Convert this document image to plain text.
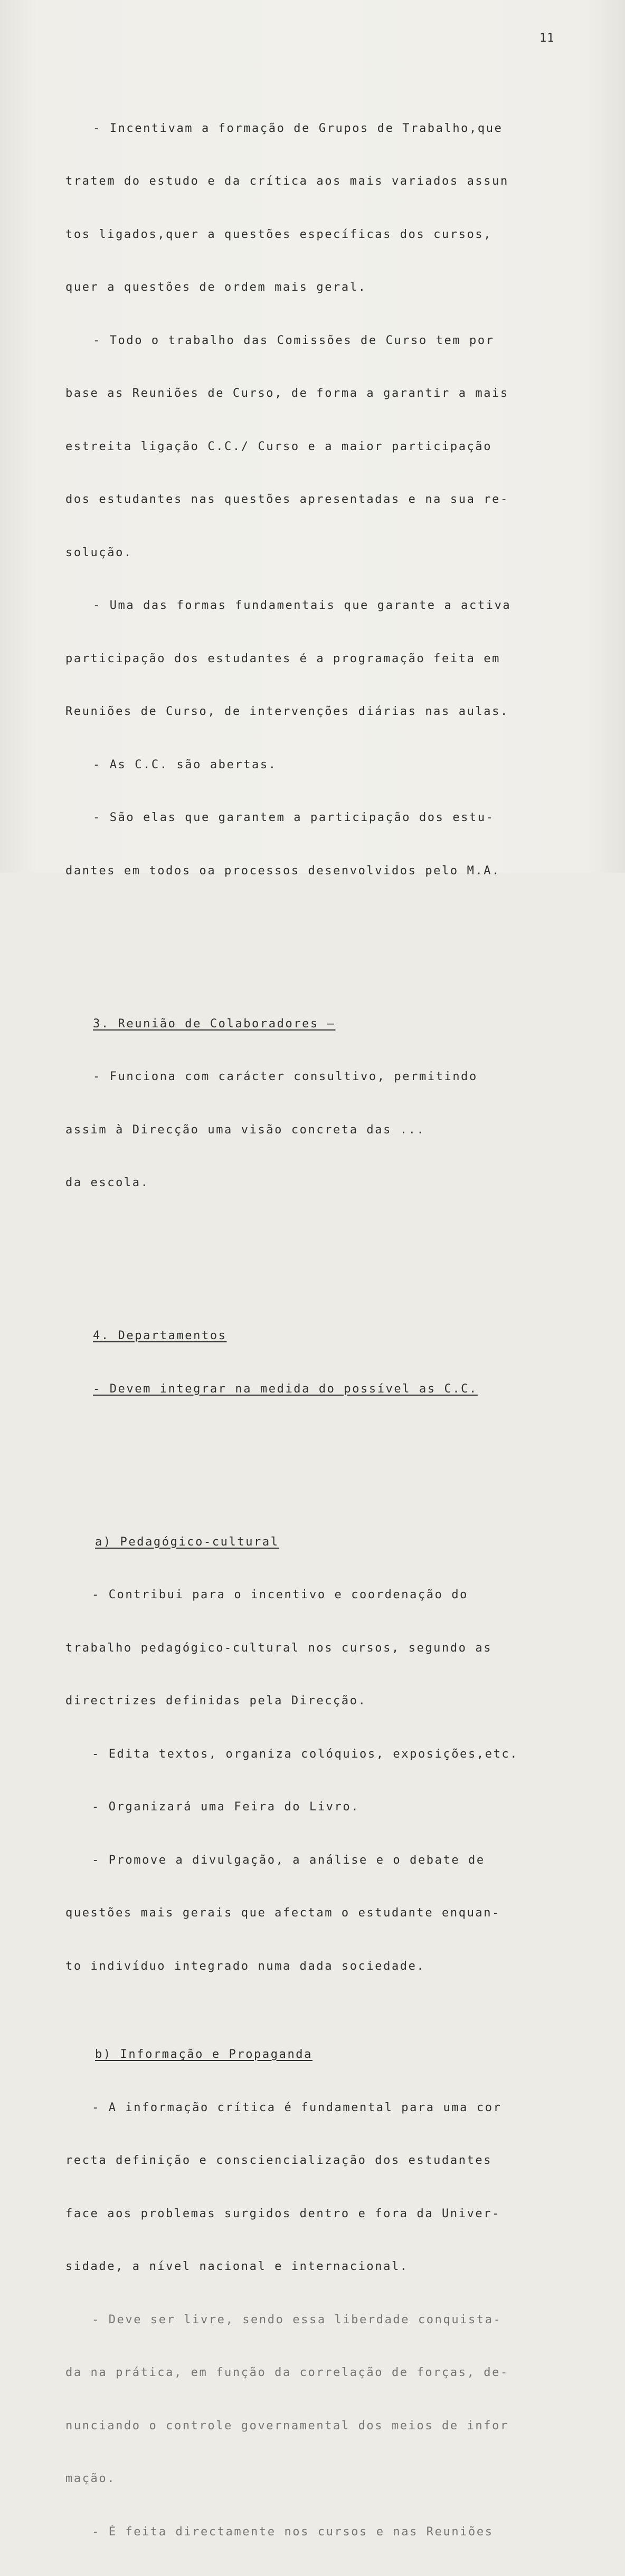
11

- Incentivam a formação de Grupos de Trabalho,que

tratem do estudo e da crítica aos mais variados assun

tos ligados,quer a questões específicas dos cursos,

quer a questões de ordem mais geral.

- Todo o trabalho das Comissões de Curso tem por

base as Reuniões de Curso, de forma a garantir a mais

estreita ligação C.C./ Curso e a maior participação

dos estudantes nas questões apresentadas e na sua re-

solução.

- Uma das formas fundamentais que garante a activa

participação dos estudantes é a programação feita em

Reuniões de Curso, de intervenções diárias nas aulas.

- As C.C. são abertas.

- São elas que garantem a participação dos estu-

dantes em todos oa processos desenvolvidos pelo M.A.

3. Reunião de Colaboradores —

- Funciona com carácter consultivo, permitindo

assim à Direcção uma visão concreta das ...

da escola.

4. Departamentos

- Devem integrar na medida do possível as C.C.

a) Pedagógico-cultural

- Contribui para o incentivo e coordenação do

trabalho pedagógico-cultural nos cursos, segundo as

directrizes definidas pela Direcção.

- Edita textos, organiza colóquios, exposições,etc.

- Organizará uma Feira do Livro.

- Promove a divulgação, a análise e o debate de

questões mais gerais que afectam o estudante enquan-

to indivíduo integrado numa dada sociedade.

b) Informação e Propaganda

- A informação crítica é fundamental para uma cor

recta definição e consciencialização dos estudantes

face aos problemas surgidos dentro e fora da Univer-

sidade, a nível nacional e internacional.

- Deve ser livre, sendo essa liberdade conquista-

da na prática, em função da correlação de forças, de-

nunciando o controle governamental dos meios de infor

mação.

- É feita directamente nos cursos e nas Reuniões
